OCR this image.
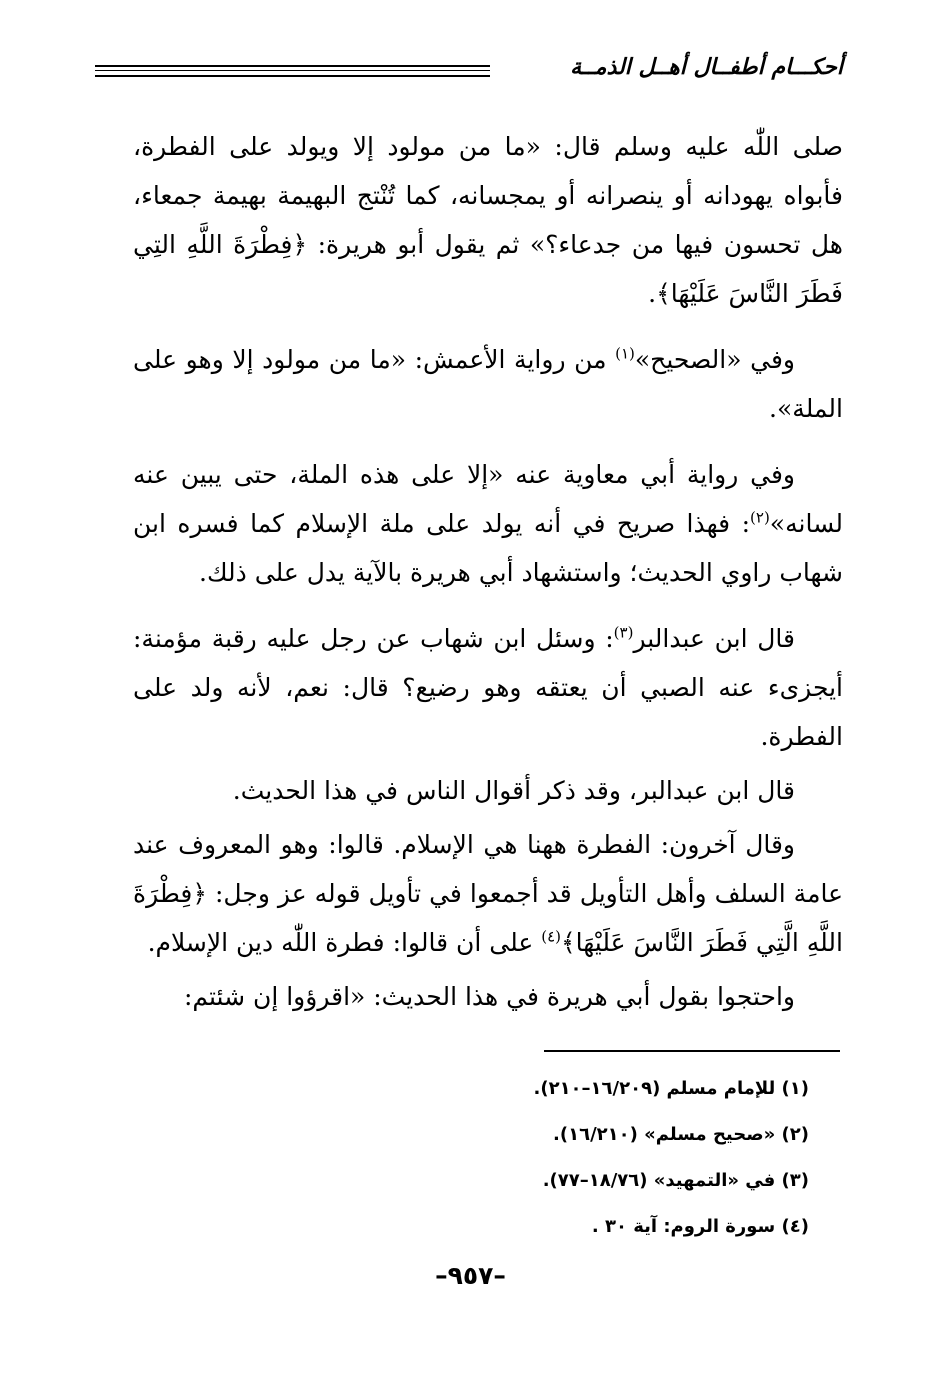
أحكـــام أطفــال أهــل الذمــة

صلى اللّٰه عليه وسلم قال: «ما من مولود إلا ويولد على الفطرة، فأبواه يهودانه أو ينصرانه أو يمجسانه، كما تُنْتج البهيمة بهيمة جمعاء، هل تحسون فيها من جدعاء؟» ثم يقول أبو هريرة: ﴿فِطْرَةَ اللَّهِ التِي فَطَرَ النَّاسَ عَلَيْهَا﴾.

وفي «الصحيح»$^{(١)}$ من رواية الأعمش: «ما من مولود إلا وهو على الملة».

وفي رواية أبي معاوية عنه «إلا على هذه الملة، حتى يبين عنه لسانه»$^{(٢)}$: فهذا صريح في أنه يولد على ملة الإسلام كما فسره ابن شهاب راوي الحديث؛ واستشهاد أبي هريرة بالآية يدل على ذلك.

قال ابن عبدالبر$^{(٣)}$: وسئل ابن شهاب عن رجل عليه رقبة مؤمنة: أيجزىء عنه الصبي أن يعتقه وهو رضيع؟ قال: نعم، لأنه ولد على الفطرة.

قال ابن عبدالبر، وقد ذكر أقوال الناس في هذا الحديث.

وقال آخرون: الفطرة ههنا هي الإسلام. قالوا: وهو المعروف عند عامة السلف وأهل التأويل قد أجمعوا في تأويل قوله عز وجل: ﴿فِطْرَةَ اللَّهِ الَّتِي فَطَرَ النَّاسَ عَلَيْهَا﴾$^{(٤)}$ على أن قالوا: فطرة اللّٰه دين الإسلام.

واحتجوا بقول أبي هريرة في هذا الحديث: «اقرؤوا إن شئتم:

(١) للإمام مسلم (١٦/٢٠٩–٢١٠).

(٢) «صحيح مسلم» (١٦/٢١٠).

(٣) في «التمهيد» (١٨/٧٦–٧٧).

(٤) سورة الروم: آية ٣٠ .

–٩٥٧–
